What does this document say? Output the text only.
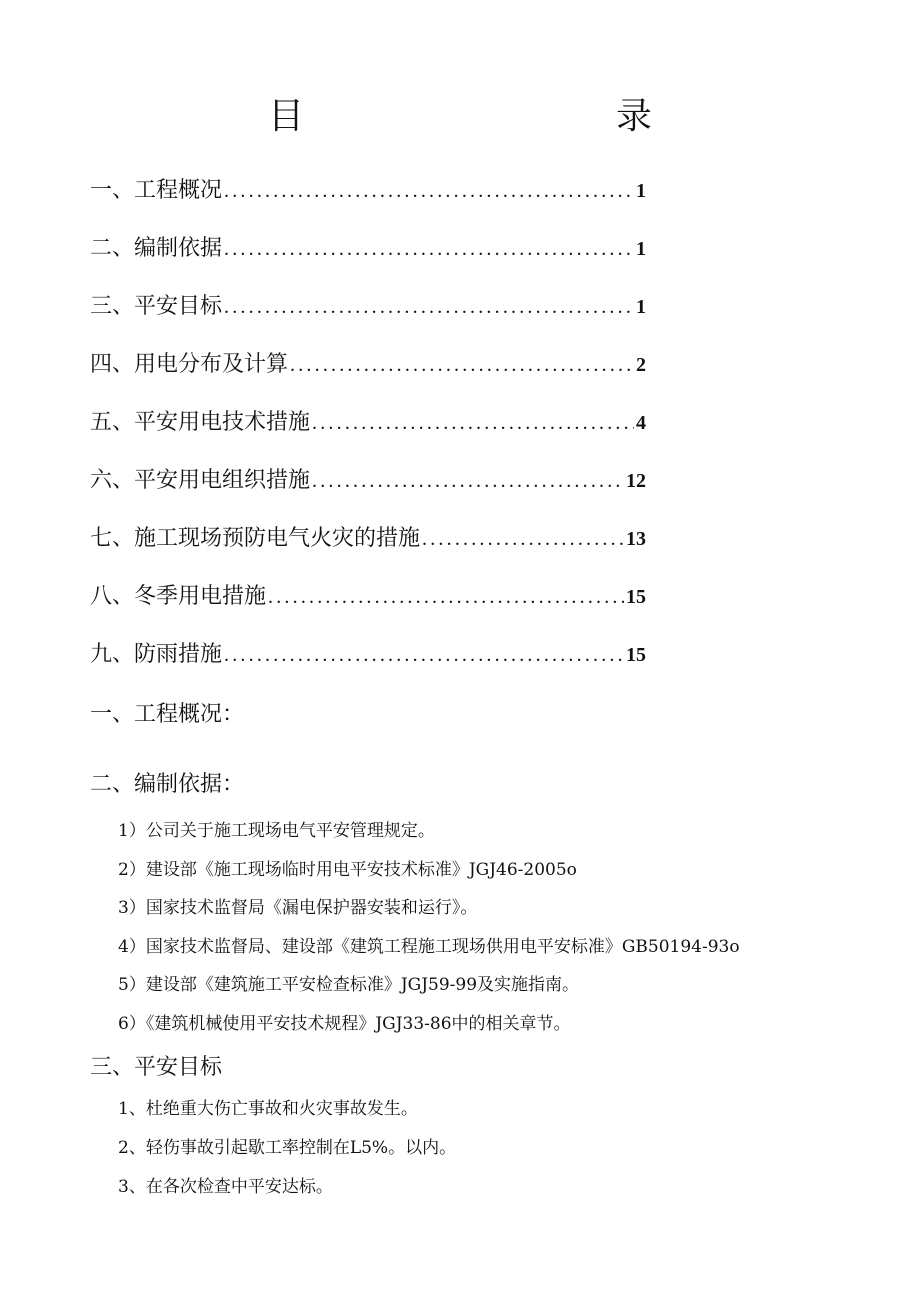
目	录
一、工程概况 .....	1
二、编制依据 .....	1
三、平安目标 .....	1
四、用电分布及计算 .....	2
五、平安用电技术措施 .....	4
六、平安用电组织措施 .....	12
七、施工现场预防电气火灾的措施 .....	13
八、冬季用电措施 .....	15
九、防雨措施 .....	15
一、工程概况：
二、编制依据：
1）公司关于施工现场电气平安管理规定。
2）建设部《施工现场临时用电平安技术标准》JGJ46-2005o
3）国家技术监督局《漏电保护器安装和运行》。
4）国家技术监督局、建设部《建筑工程施工现场供用电平安标准》GB50194-93o
5）建设部《建筑施工平安检查标准》JGJ59-99及实施指南。
6）《建筑机械使用平安技术规程》JGJ33-86中的相关章节。
三、平安目标
1、杜绝重大伤亡事故和火灾事故发生。
2、轻伤事故引起歇工率控制在L5%。以内。
3、在各次检查中平安达标。
